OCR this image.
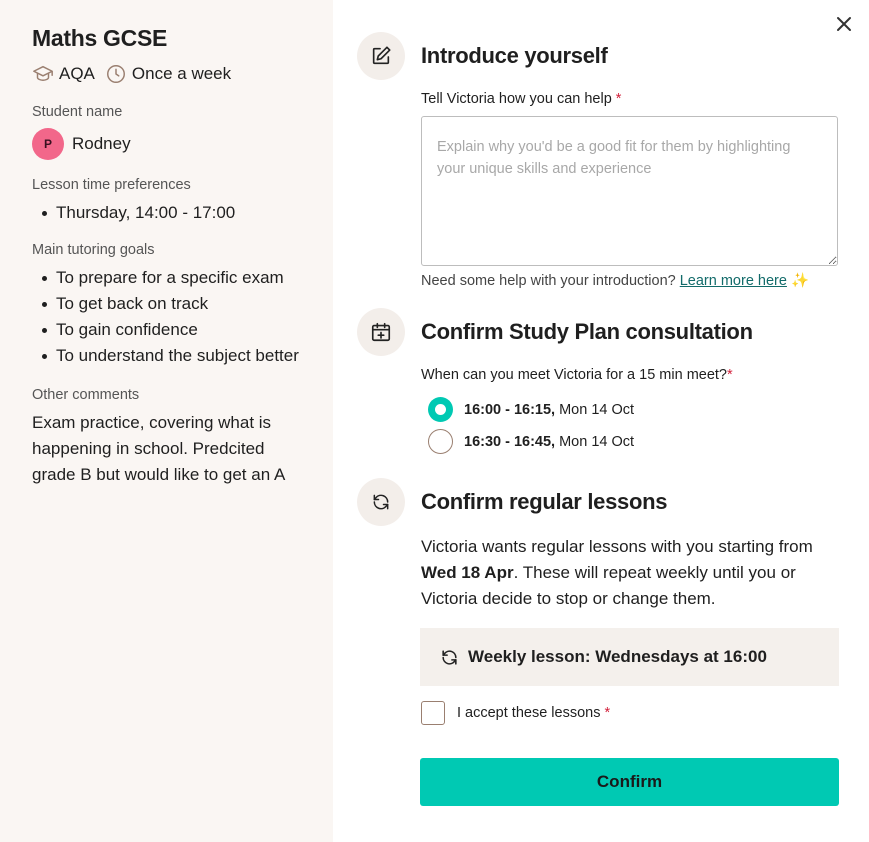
Maths GCSE
AQA Once a week
Student name
P	Rodney
Lesson time preferences
Thursday, 14:00 - 17:00
Main tutoring goals
To prepare for a specific exam
To get back on track
To gain confidence
To understand the subject better
Other comments

Exam practice, covering what is happening in school. Predcited grade B but would like to get an A

Introduce yourself
Tell Victoria how you can help *
Explain why you'd be a good fit for them by highlighting your unique skills and experience
Need some help with your introduction? Learn more here ✨
Confirm Study Plan consultation
When can you meet Victoria for a 15 min meet?*
16:00 - 16:15, Mon 14 Oct
16:30 - 16:45, Mon 14 Oct
Confirm regular lessons

Victoria wants regular lessons with you starting from Wed 18 Apr. These will repeat weekly until you or Victoria decide to stop or change them.

Weekly lesson: Wednesdays at 16:00
I accept these lessons
*
Confirm
